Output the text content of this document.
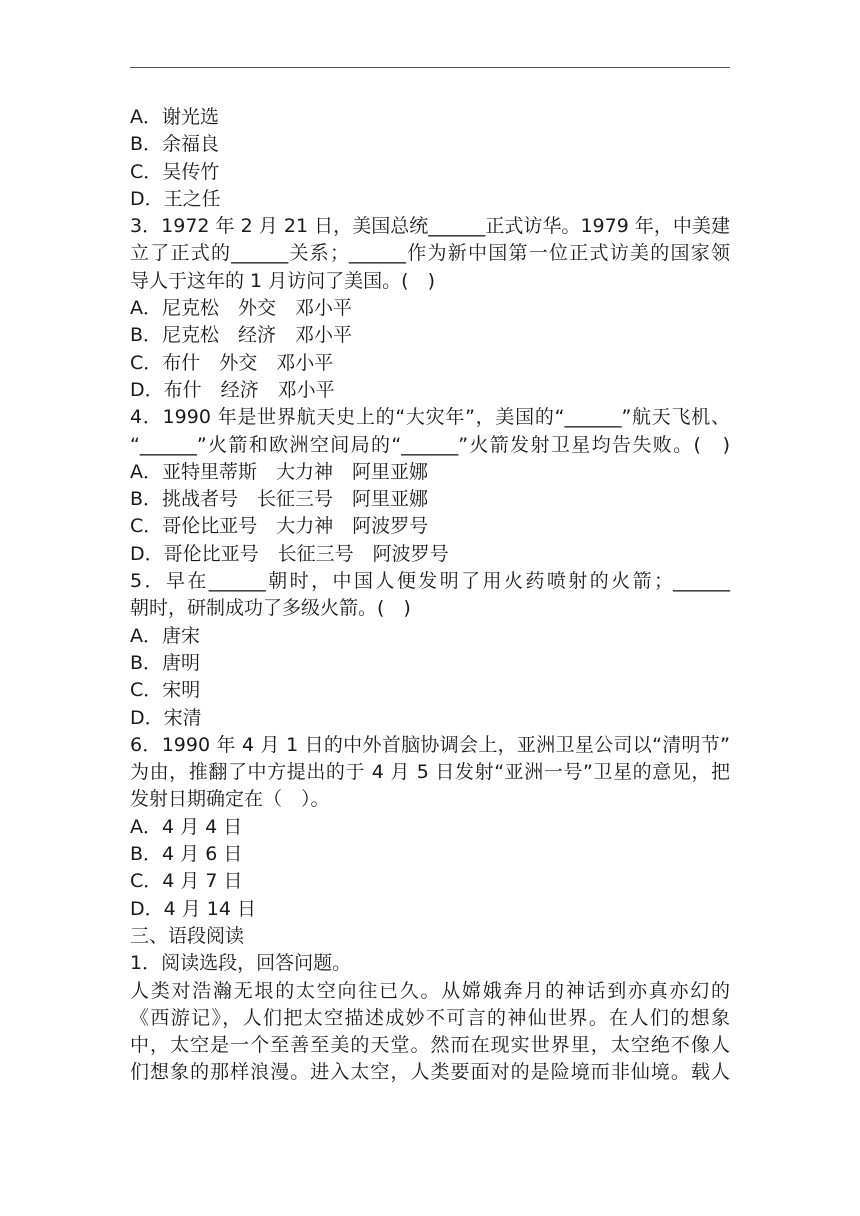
A．谢光选
B．余福良
C．吴传竹
D．王之任
3．1972 年 2 月 21 日，美国总统______正式访华。1979 年，中美建
立了正式的______关系；______作为新中国第一位正式访美的国家领
导人于这年的 1 月访问了美国。(　)
A．尼克松　外交　邓小平
B．尼克松　经济　邓小平
C．布什　外交　邓小平
D．布什　经济　邓小平
4．1990 年是世界航天史上的“大灾年”，美国的“______”航天飞机、
“______”火箭和欧洲空间局的“______”火箭发射卫星均告失败。(　)
A．亚特里蒂斯　大力神　阿里亚娜
B．挑战者号　长征三号　阿里亚娜
C．哥伦比亚号　大力神　阿波罗号
D．哥伦比亚号　长征三号　阿波罗号
5．早在______朝时，中国人便发明了用火药喷射的火箭；______
朝时，研制成功了多级火箭。(　)
A．唐宋
B．唐明
C．宋明
D．宋清
6．1990 年 4 月 1 日的中外首脑协调会上，亚洲卫星公司以“清明节”
为由，推翻了中方提出的于 4 月 5 日发射“亚洲一号”卫星的意见，把
发射日期确定在（　）。
A．4 月 4 日
B．4 月 6 日
C．4 月 7 日
D．4 月 14 日
三、语段阅读
1．阅读选段，回答问题。
人类对浩瀚无垠的太空向往已久。从嫦娥奔月的神话到亦真亦幻的
《西游记》，人们把太空描述成妙不可言的神仙世界。在人们的想象
中，太空是一个至善至美的天堂。然而在现实世界里，太空绝不像人
们想象的那样浪漫。进入太空，人类要面对的是险境而非仙境。载人
